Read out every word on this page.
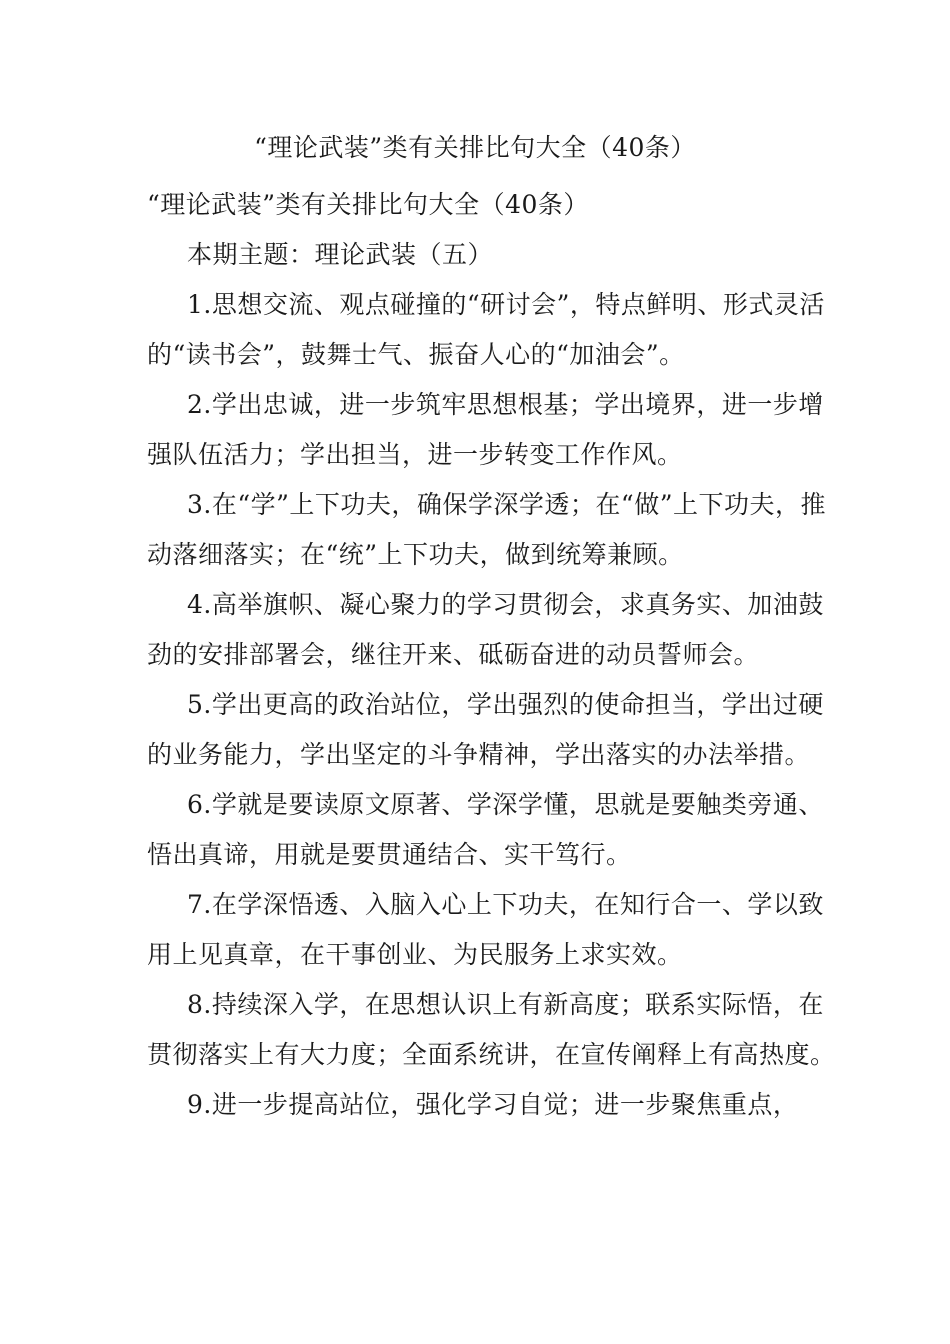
“理论武装”类有关排比句大全（40条）

“理论武装”类有关排比句大全（40条）

本期主题：理论武装（五）

1.思想交流、观点碰撞的“研讨会”，特点鲜明、形式灵活的“读书会”，鼓舞士气、振奋人心的“加油会”。

2.学出忠诚，进一步筑牢思想根基；学出境界，进一步增强队伍活力；学出担当，进一步转变工作作风。

3.在“学”上下功夫，确保学深学透；在“做”上下功夫，推动落细落实；在“统”上下功夫，做到统筹兼顾。

4.高举旗帜、凝心聚力的学习贯彻会，求真务实、加油鼓劲的安排部署会，继往开来、砥砺奋进的动员誓师会。

5.学出更高的政治站位，学出强烈的使命担当，学出过硬的业务能力，学出坚定的斗争精神，学出落实的办法举措。

6.学就是要读原文原著、学深学懂，思就是要触类旁通、悟出真谛，用就是要贯通结合、实干笃行。

7.在学深悟透、入脑入心上下功夫，在知行合一、学以致用上见真章，在干事创业、为民服务上求实效。

8.持续深入学，在思想认识上有新高度；联系实际悟，在贯彻落实上有大力度；全面系统讲，在宣传阐释上有高热度。

9.进一步提高站位，强化学习自觉；进一步聚焦重点，
